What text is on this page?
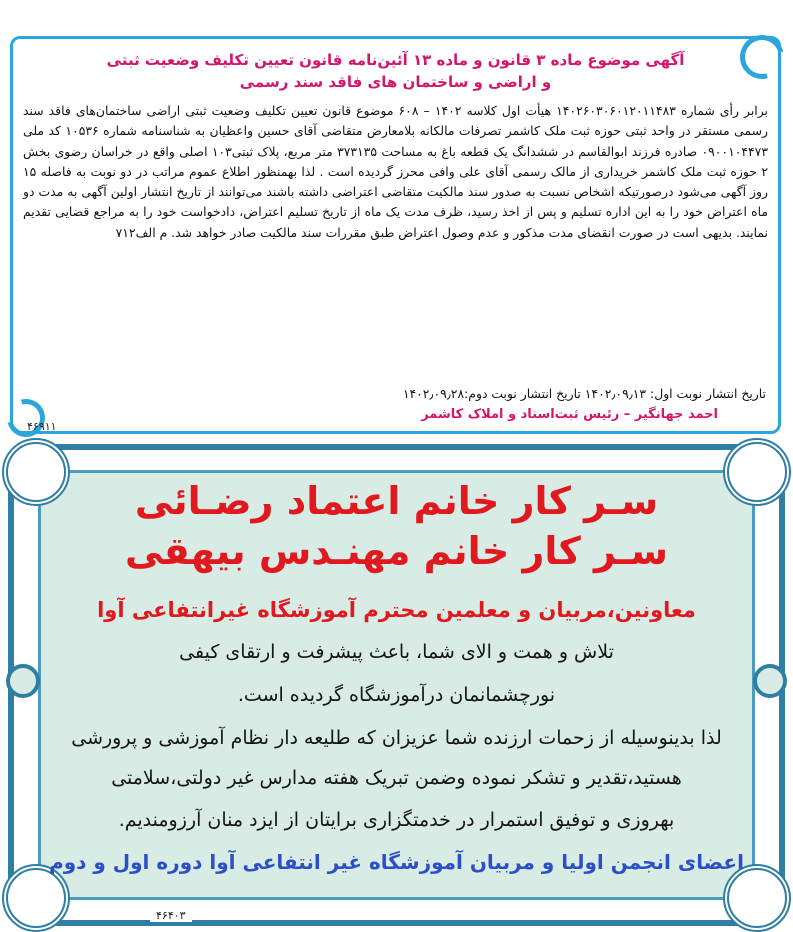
آگهی موضوع ماده ۳ قانون و ماده ۱۳ آئین‌نامه قانون تعیین تکلیف وضعیت ثبتی
و اراضی و ساختمان های فاقد سند رسمی
برابر رأی شماره ۱۴۰۲۶۰۳۰۶۰۱۲۰۱۱۴۸۳ هیأت اول کلاسه ۱۴۰۲ – ۶۰۸ موضوع قانون تعیین تکلیف وضعیت ثبتی اراضی ساختمان‌های فاقد سند رسمی مستقر در واحد ثبتی حوزه ثبت ملک کاشمر تصرفات مالکانه بلامعارض متقاضی آقای حسین واعظیان به شناسنامه شماره ۱۰۵۳۶ کد ملی ۰۹۰۰۱۰۴۴۷۳ صادره فرزند ابوالقاسم در ششدانگ یک قطعه باغ به مساحت ۳۷۳۱۳۵ متر مربع، پلاک ثبتی۱۰۳ اصلی واقع در خراسان رضوی بخش ۲ حوزه ثبت ملک کاشمر خریداری از مالک رسمی آقای علی وافی محرز گردیده است . لذا بهمنظور اطلاع عموم مراتب در دو نوبت به فاصله ۱۵ روز آگهی می‌شود درصورتیکه اشخاص نسبت به صدور سند مالکیت متقاضی اعتراضی داشته باشند می‌توانند از تاریخ انتشار اولین آگهی به مدت دو ماه اعتراض خود را به این اداره تسلیم و پس از اخذ رسید، ظرف مدت یک ماه از تاریخ تسلیم اعتراض، دادخواست خود را به مراجع قضایی تقدیم نمایند. بدیهی است در صورت انقضای مدت مذکور و عدم وصول اعتراض طبق مقررات سند مالکیت صادر خواهد شد. م الف۷۱۲
تاریخ انتشار نوبت اول: ۱۴۰۲٫۰۹٫۱۳ تاریخ انتشار نوبت دوم:۱۴۰۲٫۰۹٫۲۸
احمد جهانگیر – رئیس ثبت‌اسناد و املاک کاشمر
۴۶۹۱۱
سـر کار خانم اعتماد رضـائی
سـر کار خانم مهنـدس بیهقی
معاونین،مربیان و معلمین محترم آموزشگاه غیرانتفاعی آوا
تلاش و همت و الای شما، باعث پیشرفت و ارتقای کیفی
نورچشمانمان درآموزشگاه گردیده است.
لذا بدینوسیله از زحمات ارزنده شما عزیزان که طلیعه دار نظام آموزشی و پرورشی
هستید،تقدیر و تشکر نموده وضمن تبریک هفته مدارس غیر دولتی،سلامتی
بهروزی و توفیق استمرار در خدمتگزاری برایتان از ایزد منان آرزومندیم.
اعضای انجمن اولیا و مربیان آموزشگاه غیر انتفاعی آوا دوره اول و دوم
۴۶۴۰۳
